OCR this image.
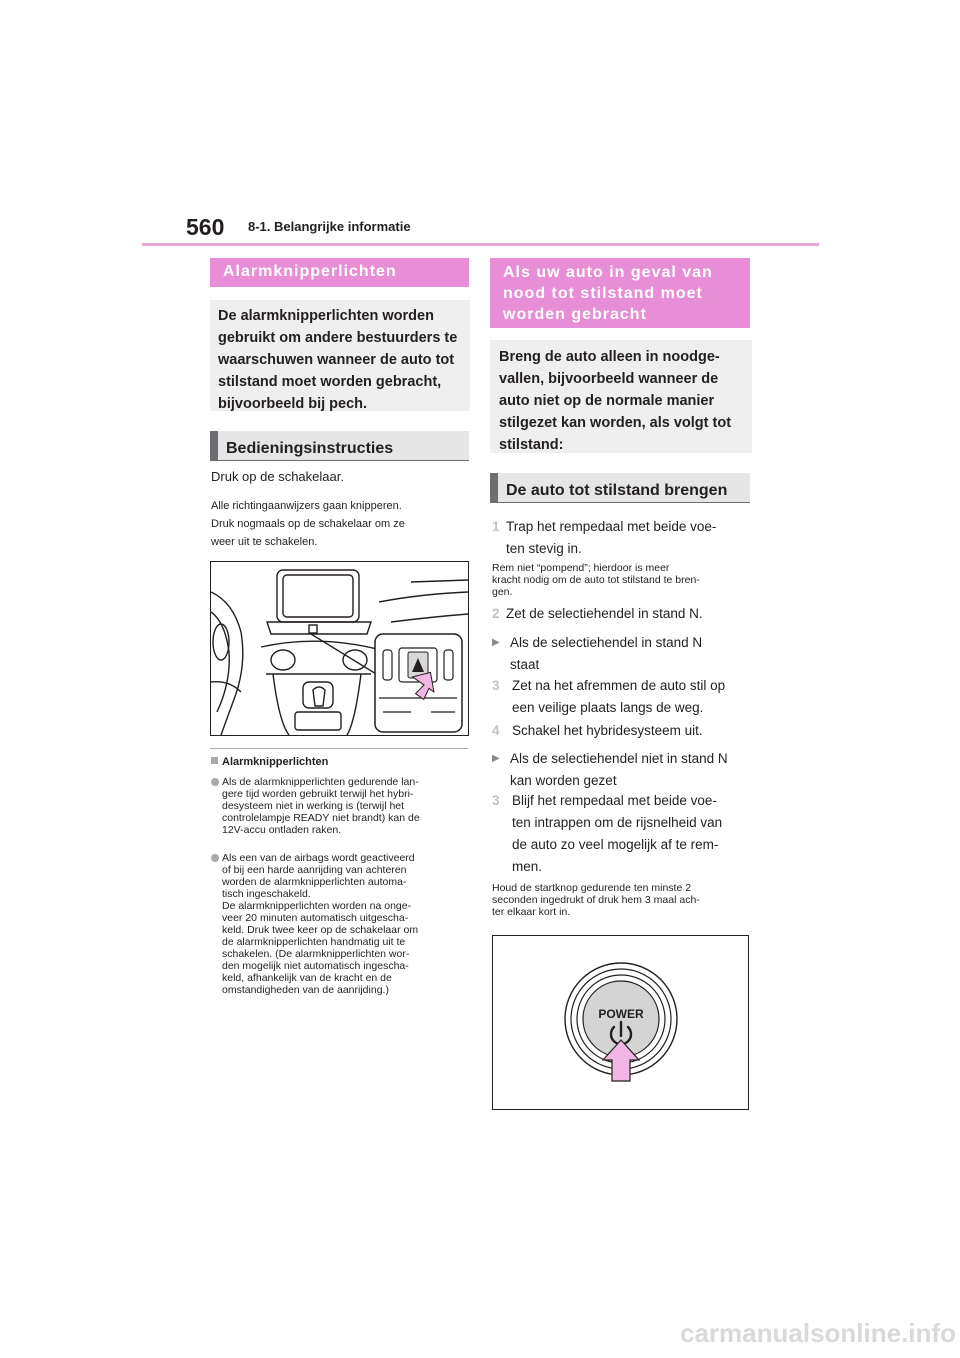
560 8-1. Belangrijke informatie
Alarmknipperlichten
De alarmknipperlichten worden gebruikt om andere bestuurders te waarschuwen wanneer de auto tot stilstand moet worden gebracht, bijvoorbeeld bij pech.
Bedieningsinstructies
Druk op de schakelaar.
Alle richtingaanwijzers gaan knipperen.
Druk nogmaals op de schakelaar om ze
weer uit te schakelen.
Alarmknipperlichten
Als de alarmknipperlichten gedurende lan-
gere tijd worden gebruikt terwijl het hybri-
desysteem niet in werking is (terwijl het
controlelampje READY niet brandt) kan de
12V-accu ontladen raken.
Als een van de airbags wordt geactiveerd
of bij een harde aanrijding van achteren
worden de alarmknipperlichten automa-
tisch ingeschakeld.
De alarmknipperlichten worden na onge-
veer 20 minuten automatisch uitgescha-
keld. Druk twee keer op de schakelaar om
de alarmknipperlichten handmatig uit te
schakelen. (De alarmknipperlichten wor-
den mogelijk niet automatisch ingescha-
keld, afhankelijk van de kracht en de
omstandigheden van de aanrijding.)
Als uw auto in geval van
nood tot stilstand moet
worden gebracht
Breng de auto alleen in noodge- vallen, bijvoorbeeld wanneer de auto niet op de normale manier stilgezet kan worden, als volgt tot stilstand:
De auto tot stilstand brengen
1 Trap het rempedaal met beide voe-
ten stevig in.
Rem niet “pompend”; hierdoor is meer
kracht nodig om de auto tot stilstand te bren-
gen.
2 Zet de selectiehendel in stand N.
▶ Als de selectiehendel in stand N
staat
3 Zet na het afremmen de auto stil op
een veilige plaats langs de weg.
4 Schakel het hybridesysteem uit.
▶ Als de selectiehendel niet in stand N
kan worden gezet
3 Blijf het rempedaal met beide voe-
ten intrappen om de rijsnelheid van
de auto zo veel mogelijk af te rem-
men.
Houd de startknop gedurende ten minste 2
seconden ingedrukt of druk hem 3 maal ach-
ter elkaar kort in.
POWER
carmanualsonline.info
